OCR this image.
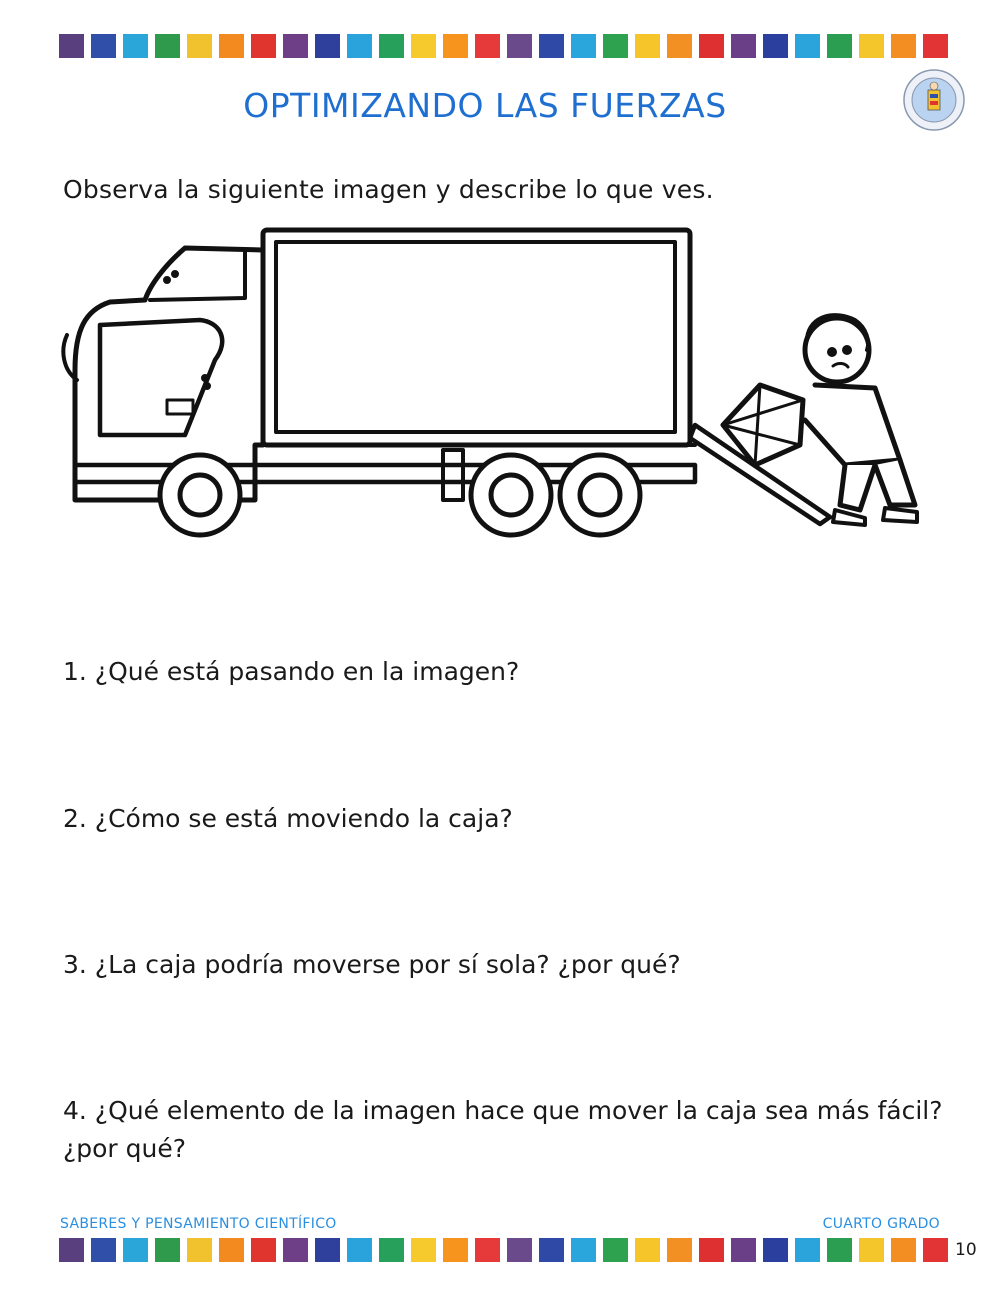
OPTIMIZANDO LAS FUERZAS
Observa la siguiente imagen y describe lo que ves.

1. ¿Qué está pasando en la imagen?

2. ¿Cómo se está moviendo la caja?

3. ¿La caja podría moverse por sí sola? ¿por qué?

4. ¿Qué elemento de la imagen hace que mover la caja sea más fácil? ¿por qué?

SABERES Y PENSAMIENTO CIENTÍFICO	CUARTO GRADO
10
